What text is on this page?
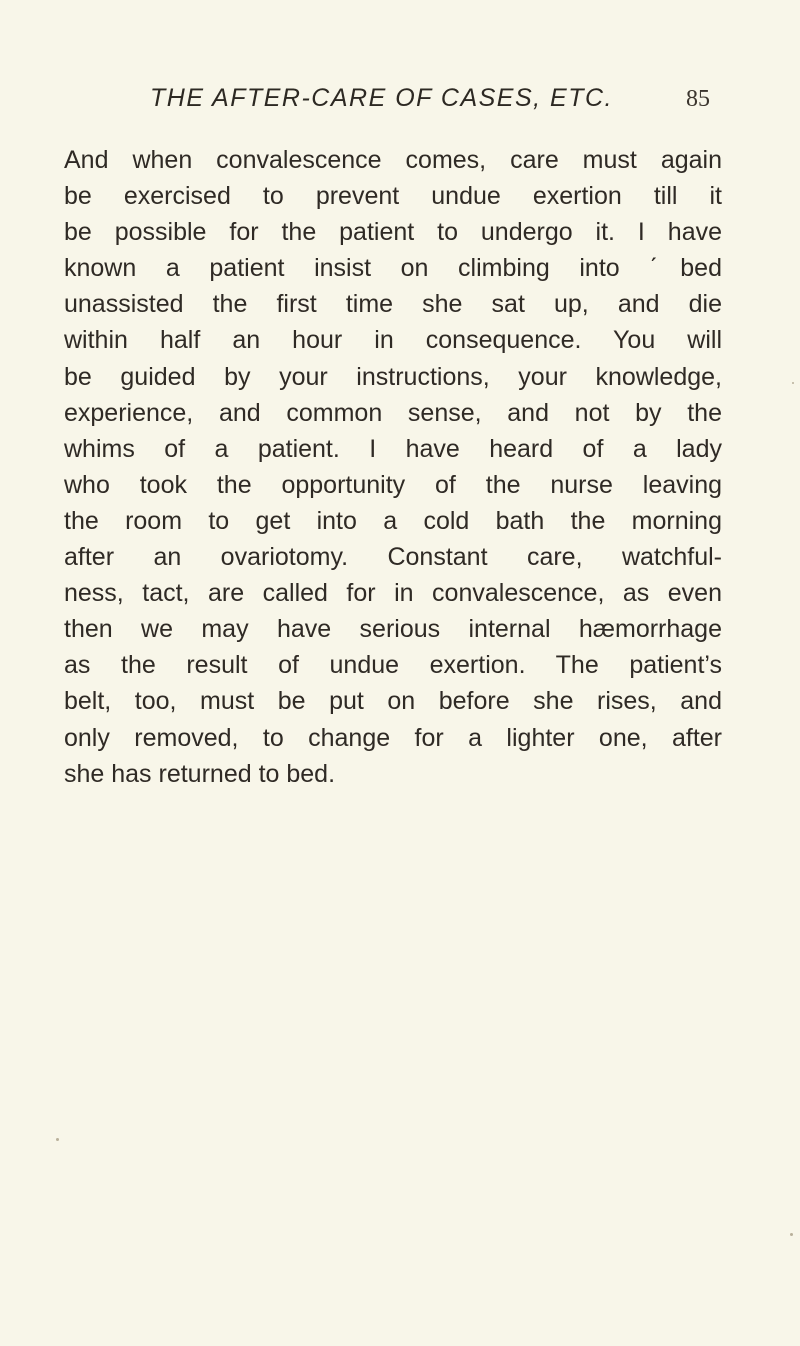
THE AFTER-CARE OF CASES, ETC.	85
And when convalescence comes, care must again
be exercised to prevent undue exertion till it
be possible for the patient to undergo it. I have
known a patient insist on climbing into ˊbed
unassisted the first time she sat up, and die
within half an hour in consequence. You will
be guided by your instructions, your knowledge,
experience, and common sense, and not by the
whims of a patient. I have heard of a lady
who took the opportunity of the nurse leaving
the room to get into a cold bath the morning
after an ovariotomy. Constant care, watchful-
ness, tact, are called for in convalescence, as even
then we may have serious internal hæmorrhage
as the result of undue exertion. The patient’s
belt, too, must be put on before she rises, and
only removed, to change for a lighter one, after
she has returned to bed.
